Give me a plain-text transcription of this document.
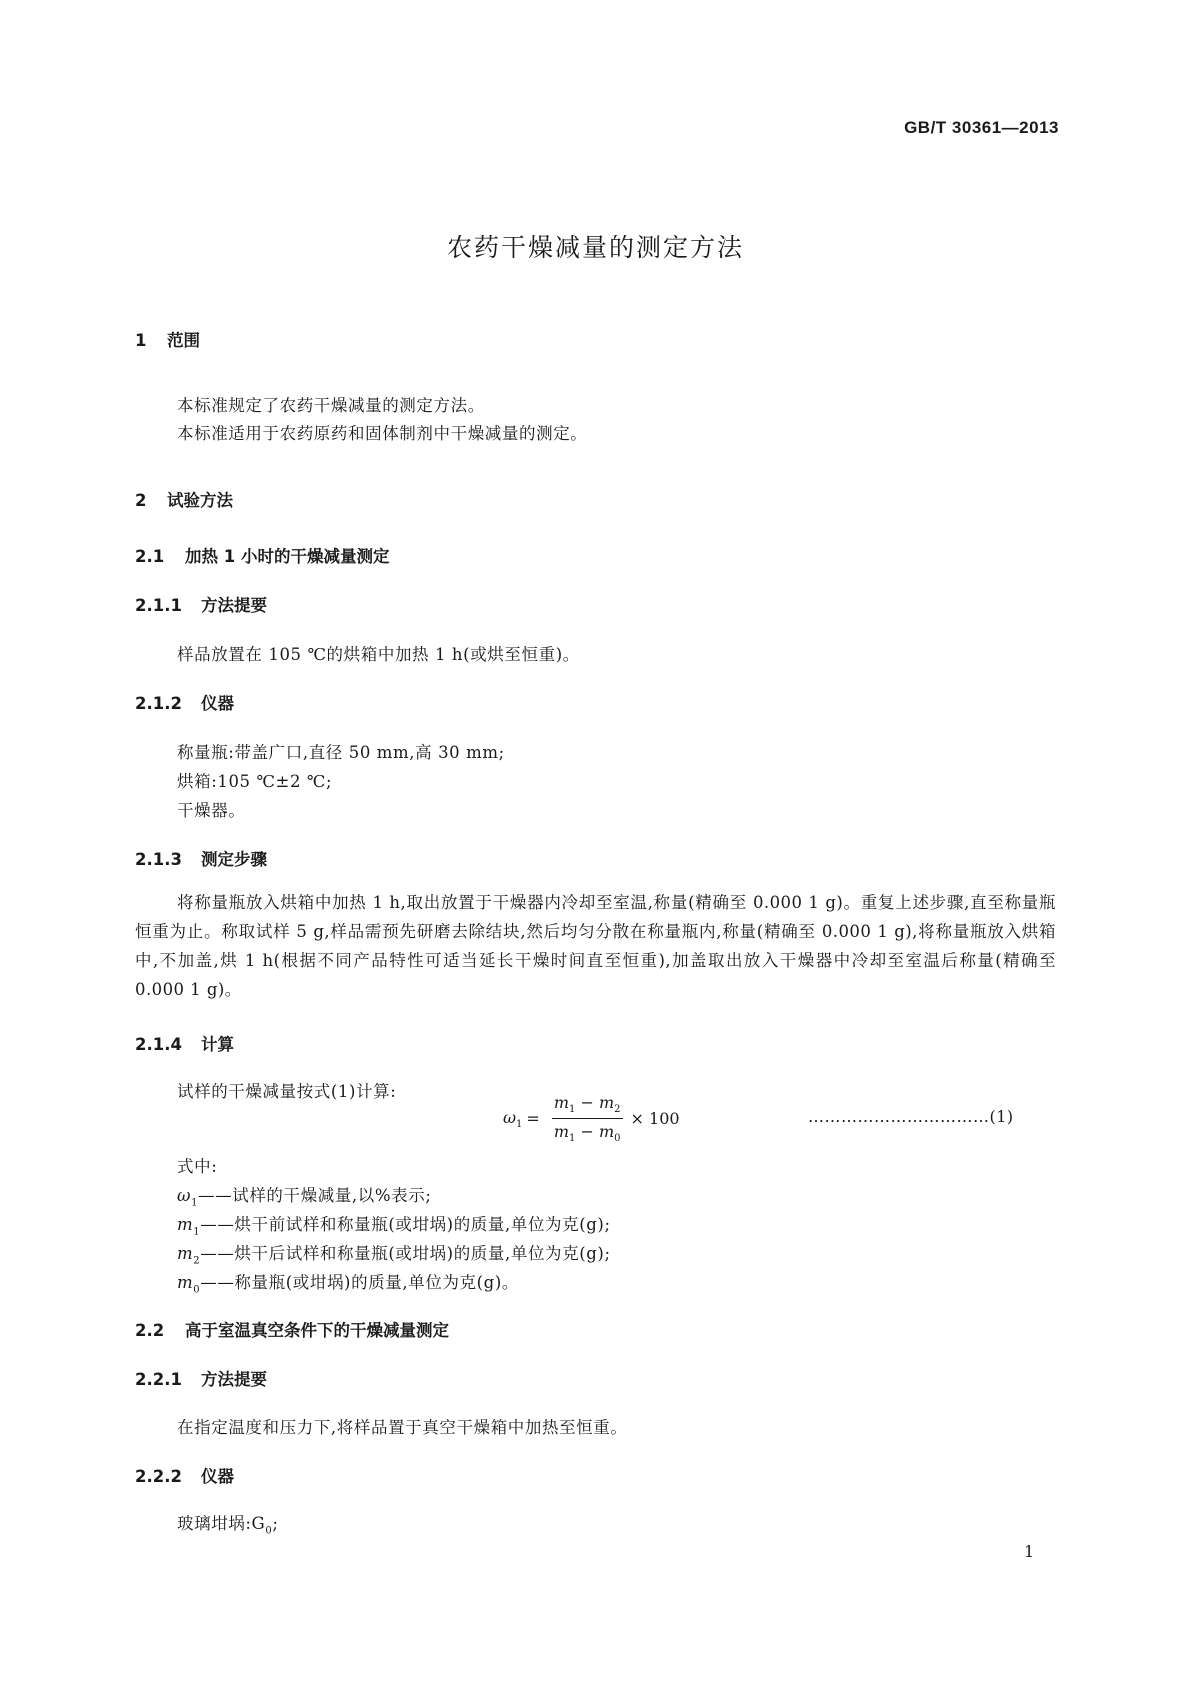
GB/T 30361—2013
农药干燥减量的测定方法
1 范围
本标准规定了农药干燥减量的测定方法。
本标准适用于农药原药和固体制剂中干燥减量的测定。
2 试验方法
2.1 加热 1 小时的干燥减量测定
2.1.1 方法提要
样品放置在 105 ℃的烘箱中加热 1 h(或烘至恒重)。
2.1.2 仪器
称量瓶:带盖广口,直径 50 mm,高 30 mm;
烘箱:105 ℃±2 ℃;
干燥器。
2.1.3 测定步骤
将称量瓶放入烘箱中加热 1 h,取出放置于干燥器内冷却至室温,称量(精确至 0.000 1 g)。重复上述步骤,直至称量瓶恒重为止。称取试样 5 g,样品需预先研磨去除结块,然后均匀分散在称量瓶内,称量(精确至 0.000 1 g),将称量瓶放入烘箱中,不加盖,烘 1 h(根据不同产品特性可适当延长干燥时间直至恒重),加盖取出放入干燥器中冷却至室温后称量(精确至 0.000 1 g)。
2.1.4 计算
试样的干燥减量按式(1)计算:
$\omega_1 = \frac{m_1 - m_2}{m_1 - m_0} \times 100$	……………………………(1)
式中:
$\omega_1——$试样的干燥减量,以%表示;
$m_1——$烘干前试样和称量瓶(或坩埚)的质量,单位为克(g);
$m_2——$烘干后试样和称量瓶(或坩埚)的质量,单位为克(g);
$m_0——$称量瓶(或坩埚)的质量,单位为克(g)。
2.2 高于室温真空条件下的干燥减量测定
2.2.1 方法提要
在指定温度和压力下,将样品置于真空干燥箱中加热至恒重。
2.2.2 仪器
玻璃坩埚$:G_0$;
1
